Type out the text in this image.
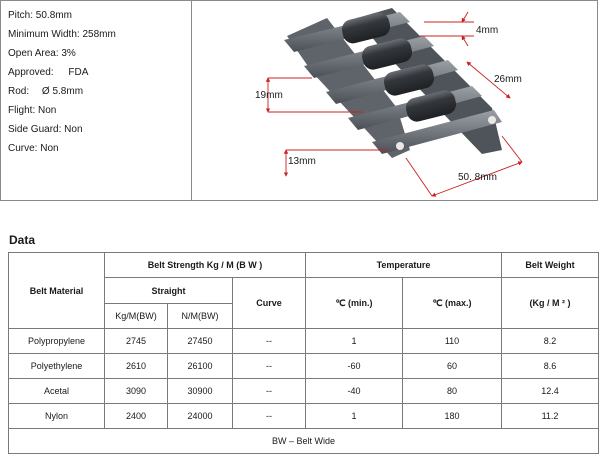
Pitch: 50.8mm
Minimum Width: 258mm
Open Area: 3%
Approved: FDA
Rod: Ø 5.8mm
Flight: Non
Side Guard: Non
Curve: Non
4mm
26mm
19mm
13mm
50. 8mm
Data
Belt Material	Belt Strength Kg / M (B W )			Temperature		Belt Weight
	Straight		Curve	℃ (min.)	℃ (max.)	(Kg / M ² )
	Kg/M(BW)	N/M(BW)				
Polypropylene	2745	27450	--	1	110	8.2
Polyethylene	2610	26100	--	-60	60	8.6
Acetal	3090	30900	--	-40	80	12.4
Nylon	2400	24000	--	1	180	11.2
BW – Belt Wide						
